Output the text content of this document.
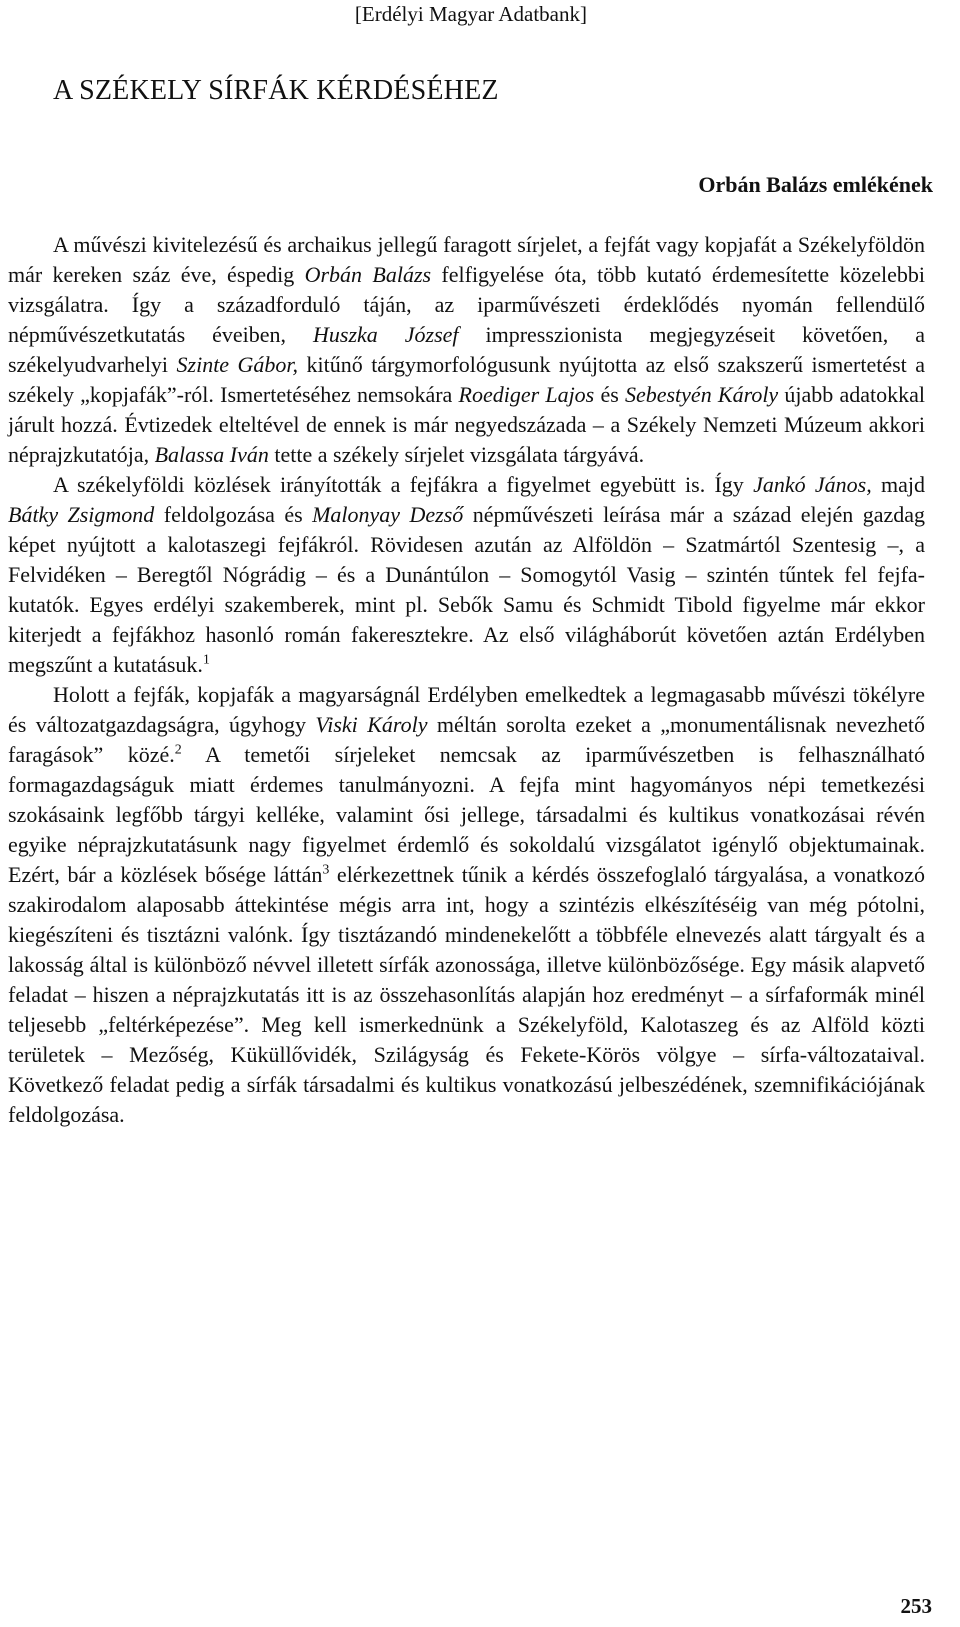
[Erdélyi Magyar Adatbank]
A SZÉKELY SÍRFÁK KÉRDÉSÉHEZ
Orbán Balázs emlékének

A művészi kivitelezésű és archaikus jellegű faragott sírjelet, a fejfát vagy kopjafát a Székelyföldön már kereken száz éve, éspedig Orbán Balázs felfigyelése óta, több kutató érdemesítette közelebbi vizsgálatra. Így a századforduló táján, az iparművészeti érdeklődés nyomán fellendülő népművészetkutatás éveiben, Huszka József impresszionista megjegyzéseit követően, a székelyudvarhelyi Szinte Gábor, kitűnő tárgymorfológusunk nyújtotta az első szakszerű ismertetést a székely „kopjafák”-ról. Ismertetéséhez nemsokára Roediger Lajos és Sebestyén Károly újabb adatokkal járult hozzá. Évtizedek elteltével de ennek is már negyedszázada – a Székely Nemzeti Múzeum akkori néprajzkutatója, Balassa Iván tette a székely sírjelet vizsgálata tárgyává.

A székelyföldi közlések irányították a fejfákra a figyelmet egyebütt is. Így Jankó János, majd Bátky Zsigmond feldolgozása és Malonyay Dezső népművészeti leírása már a század elején gazdag képet nyújtott a kalotaszegi fejfákról. Rövidesen azután az Alföldön – Szatmártól Szentesig –, a Felvidéken – Beregtől Nógrádig – és a Dunántúlon – Somogytól Vasig – szintén tűntek fel fejfa-kutatók. Egyes erdélyi szakemberek, mint pl. Sebők Samu és Schmidt Tibold figyelme már ekkor kiterjedt a fejfákhoz hasonló román fakeresztekre. Az első világháborút követően aztán Erdélyben megszűnt a kutatásuk.$^1$

Holott a fejfák, kopjafák a magyarságnál Erdélyben emelkedtek a legmagasabb művészi tökélyre és változatgazdagságra, úgyhogy Viski Károly méltán sorolta ezeket a „monumentálisnak nevezhető faragások” közé.$^2$ A temetői sírjeleket nemcsak az iparművészetben is felhasználható formagazdagságuk miatt érdemes tanulmányozni. A fejfa mint hagyományos népi temetkezési szokásaink legfőbb tárgyi kelléke, valamint ősi jellege, társadalmi és kultikus vonatkozásai révén egyike néprajzkutatásunk nagy figyelmet érdemlő és sokoldalú vizsgálatot igénylő objektumainak. Ezért, bár a közlések bősége láttán$^3$ elérkezettnek tűnik a kérdés összefoglaló tárgyalása, a vonatkozó szakirodalom alaposabb áttekintése mégis arra int, hogy a szintézis elkészítéséig van még pótolni, kiegészíteni és tisztázni valónk. Így tisztázandó mindenekelőtt a többféle elnevezés alatt tárgyalt és a lakosság által is különböző névvel illetett sírfák azonossága, illetve különbözősége. Egy másik alapvető feladat – hiszen a néprajzkutatás itt is az összehasonlítás alapján hoz eredményt – a sírfaformák minél teljesebb „feltérképezése”. Meg kell ismerkednünk a Székelyföld, Kalotaszeg és az Alföld közti területek – Mezőség, Küküllővidék, Szilágyság és Fekete-Körös völgye – sírfa-változataival. Következő feladat pedig a sírfák társadalmi és kultikus vonatkozású jelbeszédének, szemnifikációjának feldolgozása.

253
